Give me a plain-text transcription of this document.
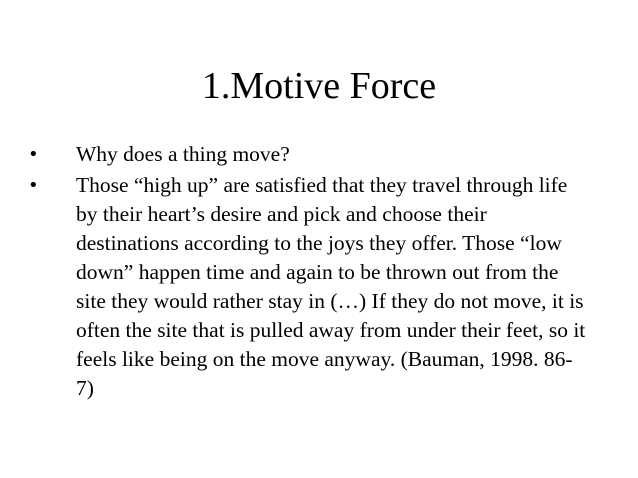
1.Motive Force
•	Why does a thing move?
•	Those “high up” are satisfied that they travel through life by their heart’s desire and pick and choose their destinations according to the joys they offer. Those “low down” happen time and again to be thrown out from the site they would rather stay in (…) If they do not move, it is often the site that is pulled away from under their feet, so it feels like being on the move anyway. (Bauman, 1998. 86-7)
